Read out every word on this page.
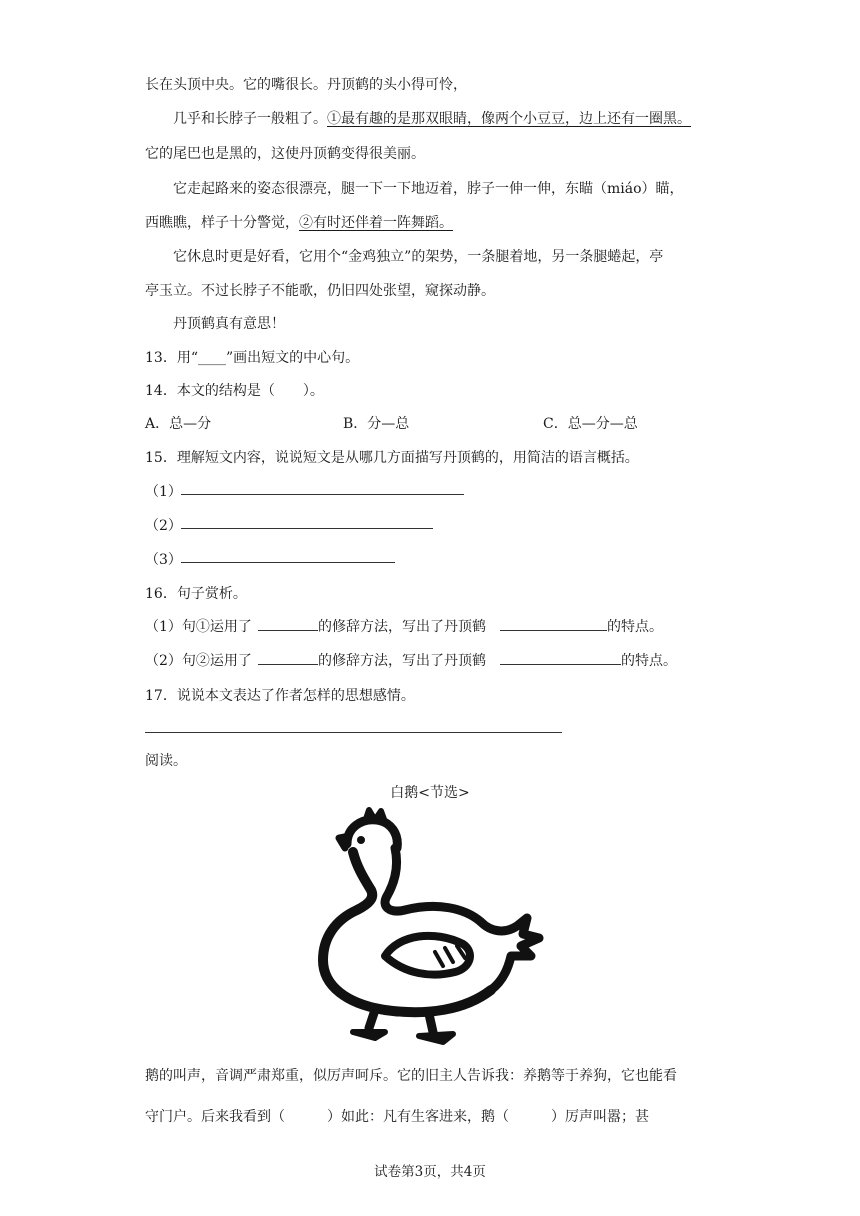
长在头顶中央。它的嘴很长。丹顶鹤的头小得可怜，
几乎和长脖子一般粗了。①最有趣的是那双眼睛，像两个小豆豆，边上还有一圈黑。
它的尾巴也是黑的，这使丹顶鹤变得很美丽。
它走起路来的姿态很漂亮，腿一下一下地迈着，脖子一伸一伸，东瞄（miáo）瞄，
西瞧瞧，样子十分警觉，②有时还伴着一阵舞蹈。
它休息时更是好看，它用个“金鸡独立”的架势，一条腿着地，另一条腿蜷起，亭
亭玉立。不过长脖子不能歌，仍旧四处张望，窥探动静。
丹顶鹤真有意思！
13．用“____”画出短文的中心句。
14．本文的结构是（　　）。
A．总—分	B．分—总	C．总—分—总
15．理解短文内容，说说短文是从哪几方面描写丹顶鹤的，用简洁的语言概括。
（1）
（2）
（3）
16．句子赏析。
（1）句①运用了	的修辞方法，写出了丹顶鹤	的特点。
（2）句②运用了	的修辞方法，写出了丹顶鹤	的特点。
17．说说本文表达了作者怎样的思想感情。
阅读。
白鹅<节选>
鹅的叫声，音调严肃郑重，似厉声呵斥。它的旧主人告诉我：养鹅等于养狗，它也能看
守门户。后来我看到（　　　）如此：凡有生客进来，鹅（　　　）厉声叫嚣；甚
试卷第3页，共4页
